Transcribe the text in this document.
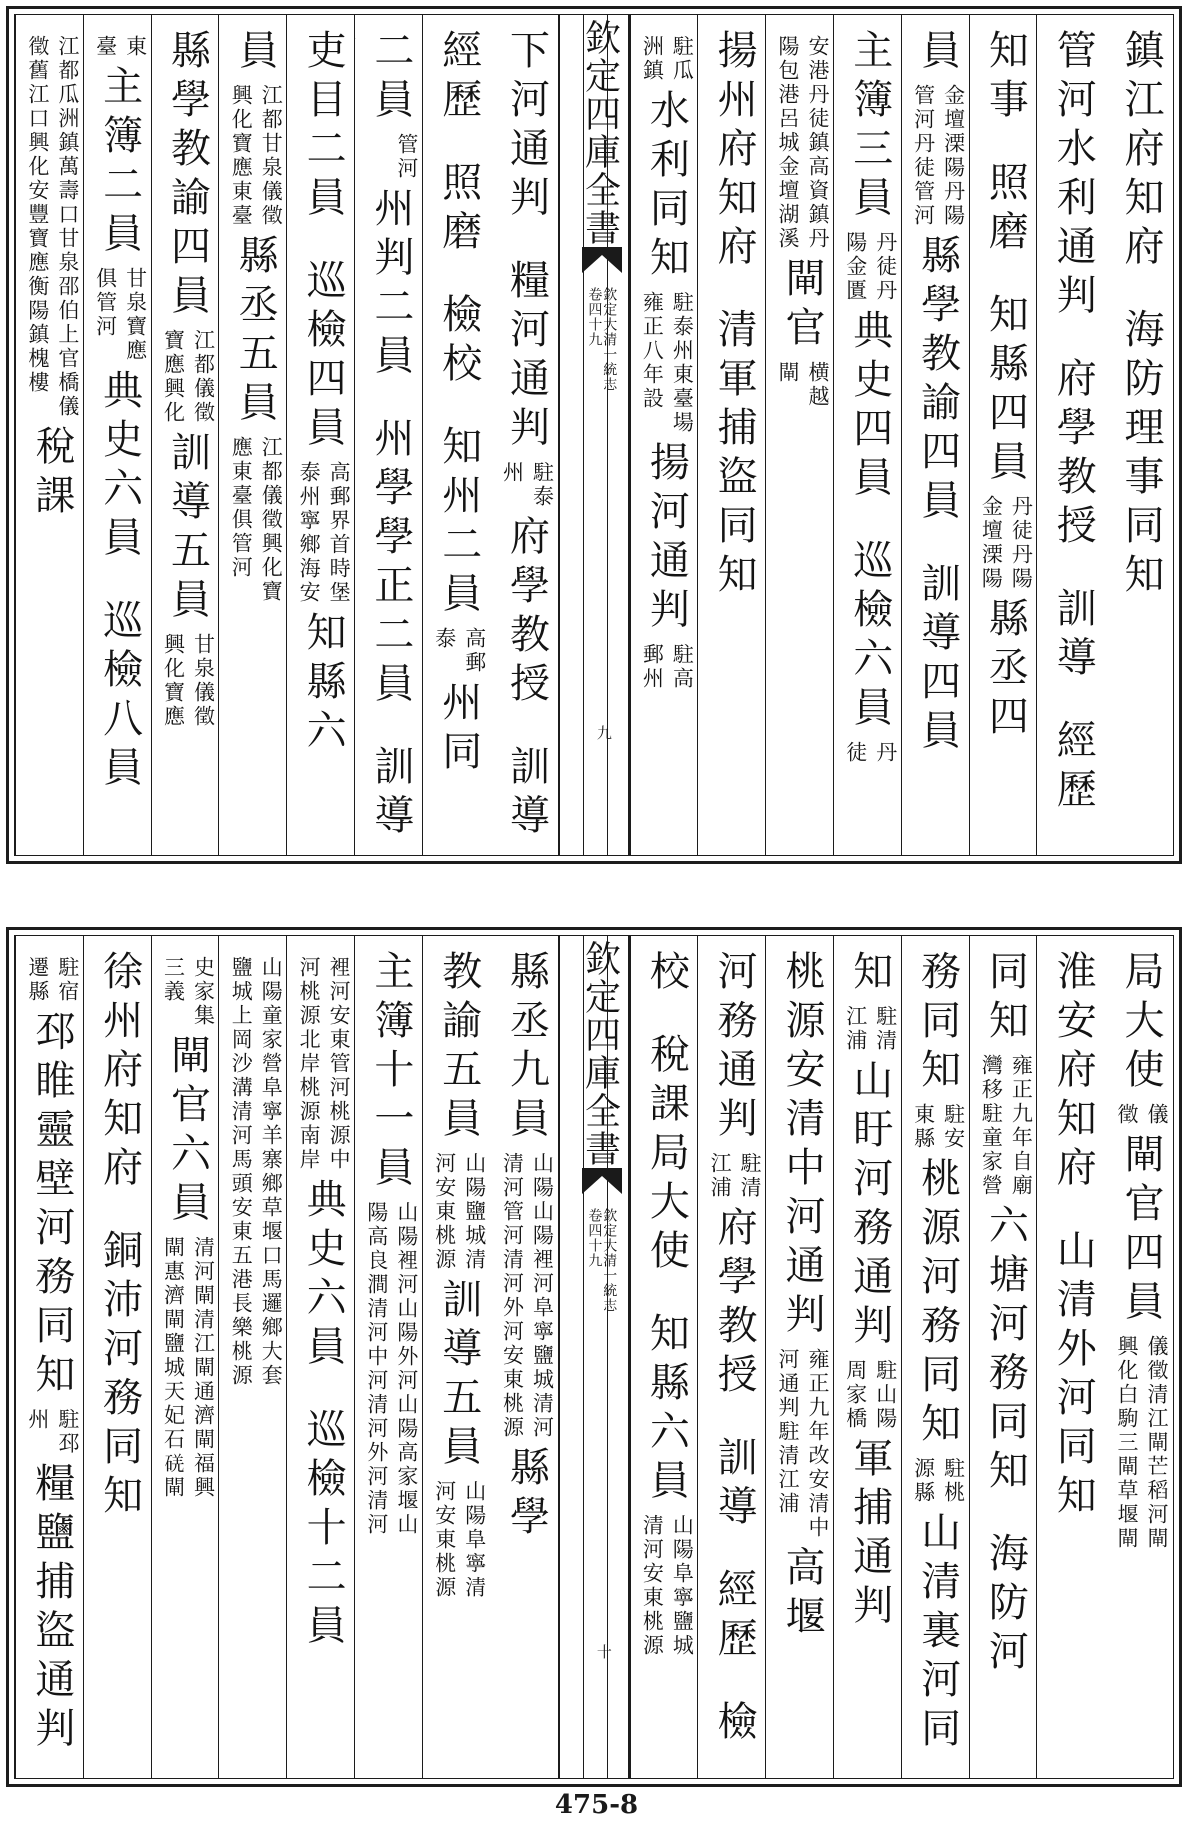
鎮江府知府海防理事同知
管河水利通判府學教授訓導經歷
知事照磨知縣四員丹徒丹陽
金壇溧陽縣丞四
員金壇溧陽丹陽
管河丹徒管河縣學教諭四員訓導四員
主簿三員丹徒丹
陽金匱典史四員巡檢六員丹
徒
安港丹徒鎮高資鎮丹
陽包港呂城金壇湖溪閘官横越
閘
揚州府知府清軍捕盜同知
駐瓜
洲鎮水利同知駐泰州東臺場
雍正八年設揚河通判駐高
郵州
下河通判糧河通判駐泰
州府學教授訓導
經歷照磨檢校知州二員高郵
泰州同
二員管河州判二員州學學正二員訓導高

吏目二員巡檢四員高郵界首時堡
泰州寧鄉海安知縣六
員江都甘泉儀徵
興化寶應東臺縣丞五員江都儀徵興化寶
應東臺俱管河
縣學教諭四員江都儀徵
寶應興化訓導五員甘泉儀徵
興化寶應
東
臺主簿二員甘泉寶應
俱管河典史六員巡檢八員
江都瓜洲鎮萬壽口甘泉邵伯上官橋儀
徵舊江口興化安豐寶應衡陽鎮槐樓稅課
欽定四庫全書
欽定大清一統志
卷四十九
九
局大使儀
徵閘官四員儀徵清江閘芒稻河閘
興化白駒三閘草堰閘
淮安府知府山清外河同知
同知雍正九年自廟
灣移駐童家營六塘河務同知海防河
務同知駐安
東縣桃源河務同知駐桃
源縣山清裏河同
知駐清
江浦山盱河務通判駐山陽
周家橋軍捕通判
桃源安清中河通判雍正九年改安清中
河通判駐清江浦高堰
河務通判駐清
江浦府學教授訓導經歷檢
校稅課局大使知縣六員山陽阜寧鹽城
清河安東桃源
縣丞九員山陽山陽裡河阜寧鹽城清河
清河管河清河外河安東桃源縣學
教諭五員山陽鹽城清
河安東桃源訓導五員山陽阜寧清
河安東桃源
主簿十一員山陽裡河山陽外河山陽高家堰山
陽高良澗清河中河清河外河清河
裡河安東管河桃源中
河桃源北岸桃源南岸典史六員巡檢十二員
山陽童家營阜寧羊寨鄉草堰口馬邏鄉大套
鹽城上岡沙溝清河馬頭安東五港長樂桃源
史家集
三義閘官六員清河閘清江閘通濟閘福興
閘惠濟閘鹽城天妃石𥓌閘
徐州府知府銅沛河務同知
駐宿
遷縣邳睢靈壁河務同知駐邳
州糧鹽捕盜通判
欽定四庫全書
欽定大清一統志
卷四十九
十
475-8
